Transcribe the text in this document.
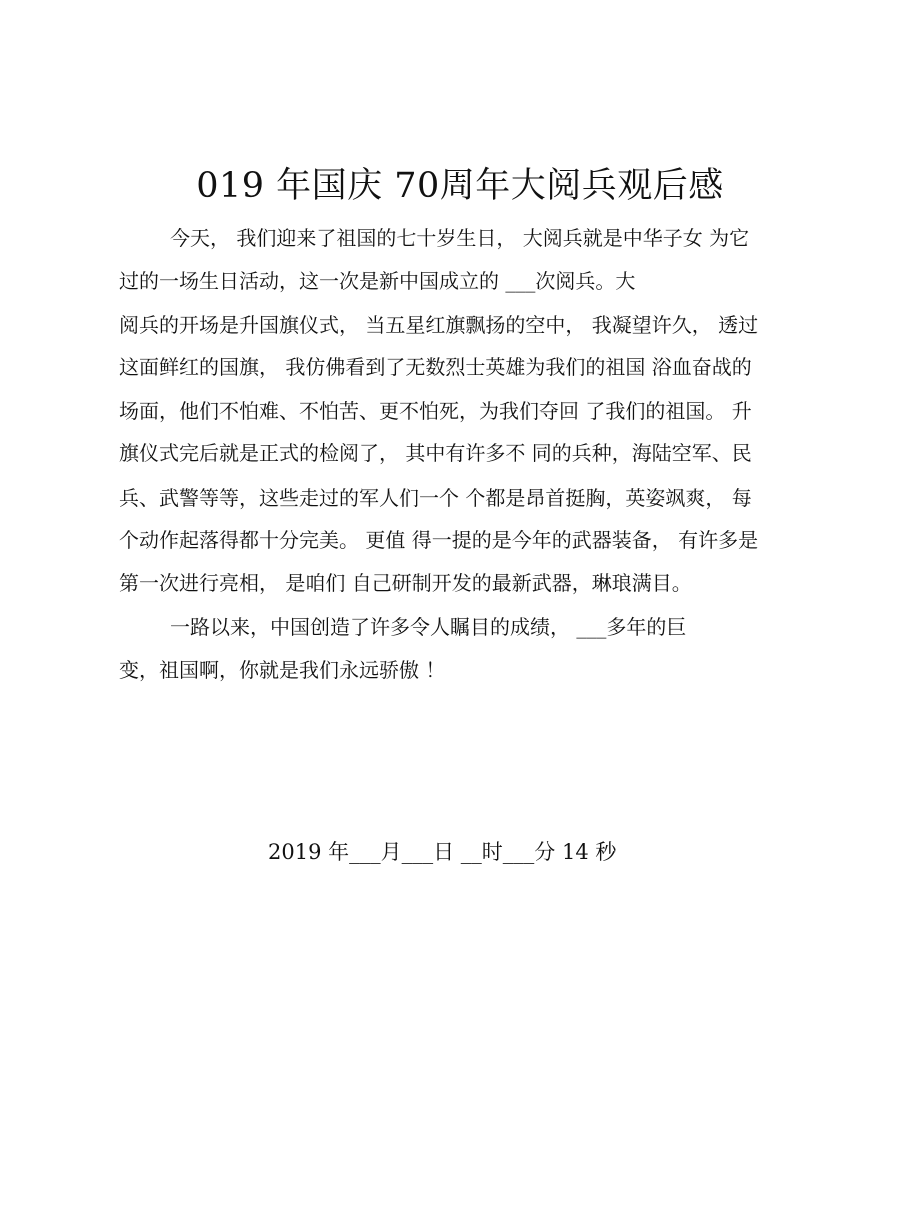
019 年国庆 70周年大阅兵观后感
今天， 我们迎来了祖国的七十岁生日， 大阅兵就是中华子女 为它
过的一场生日活动，这一次是新中国成立的 ___次阅兵。大
阅兵的开场是升国旗仪式， 当五星红旗飘扬的空中， 我凝望许久， 透过
这面鲜红的国旗， 我仿佛看到了无数烈士英雄为我们的祖国 浴血奋战的
场面，他们不怕难、不怕苦、更不怕死，为我们夺回 了我们的祖国。 升
旗仪式完后就是正式的检阅了， 其中有许多不 同的兵种，海陆空军、民
兵、武警等等，这些走过的军人们一个 个都是昂首挺胸，英姿飒爽， 每
个动作起落得都十分完美。 更值 得一提的是今年的武器装备， 有许多是
第一次进行亮相， 是咱们 自己研制开发的最新武器，琳琅满目。
一路以来，中国创造了许多令人瞩目的成绩， ___多年的巨
变，祖国啊，你就是我们永远骄傲 ！
2019 年___月___日 __时___分 14 秒
